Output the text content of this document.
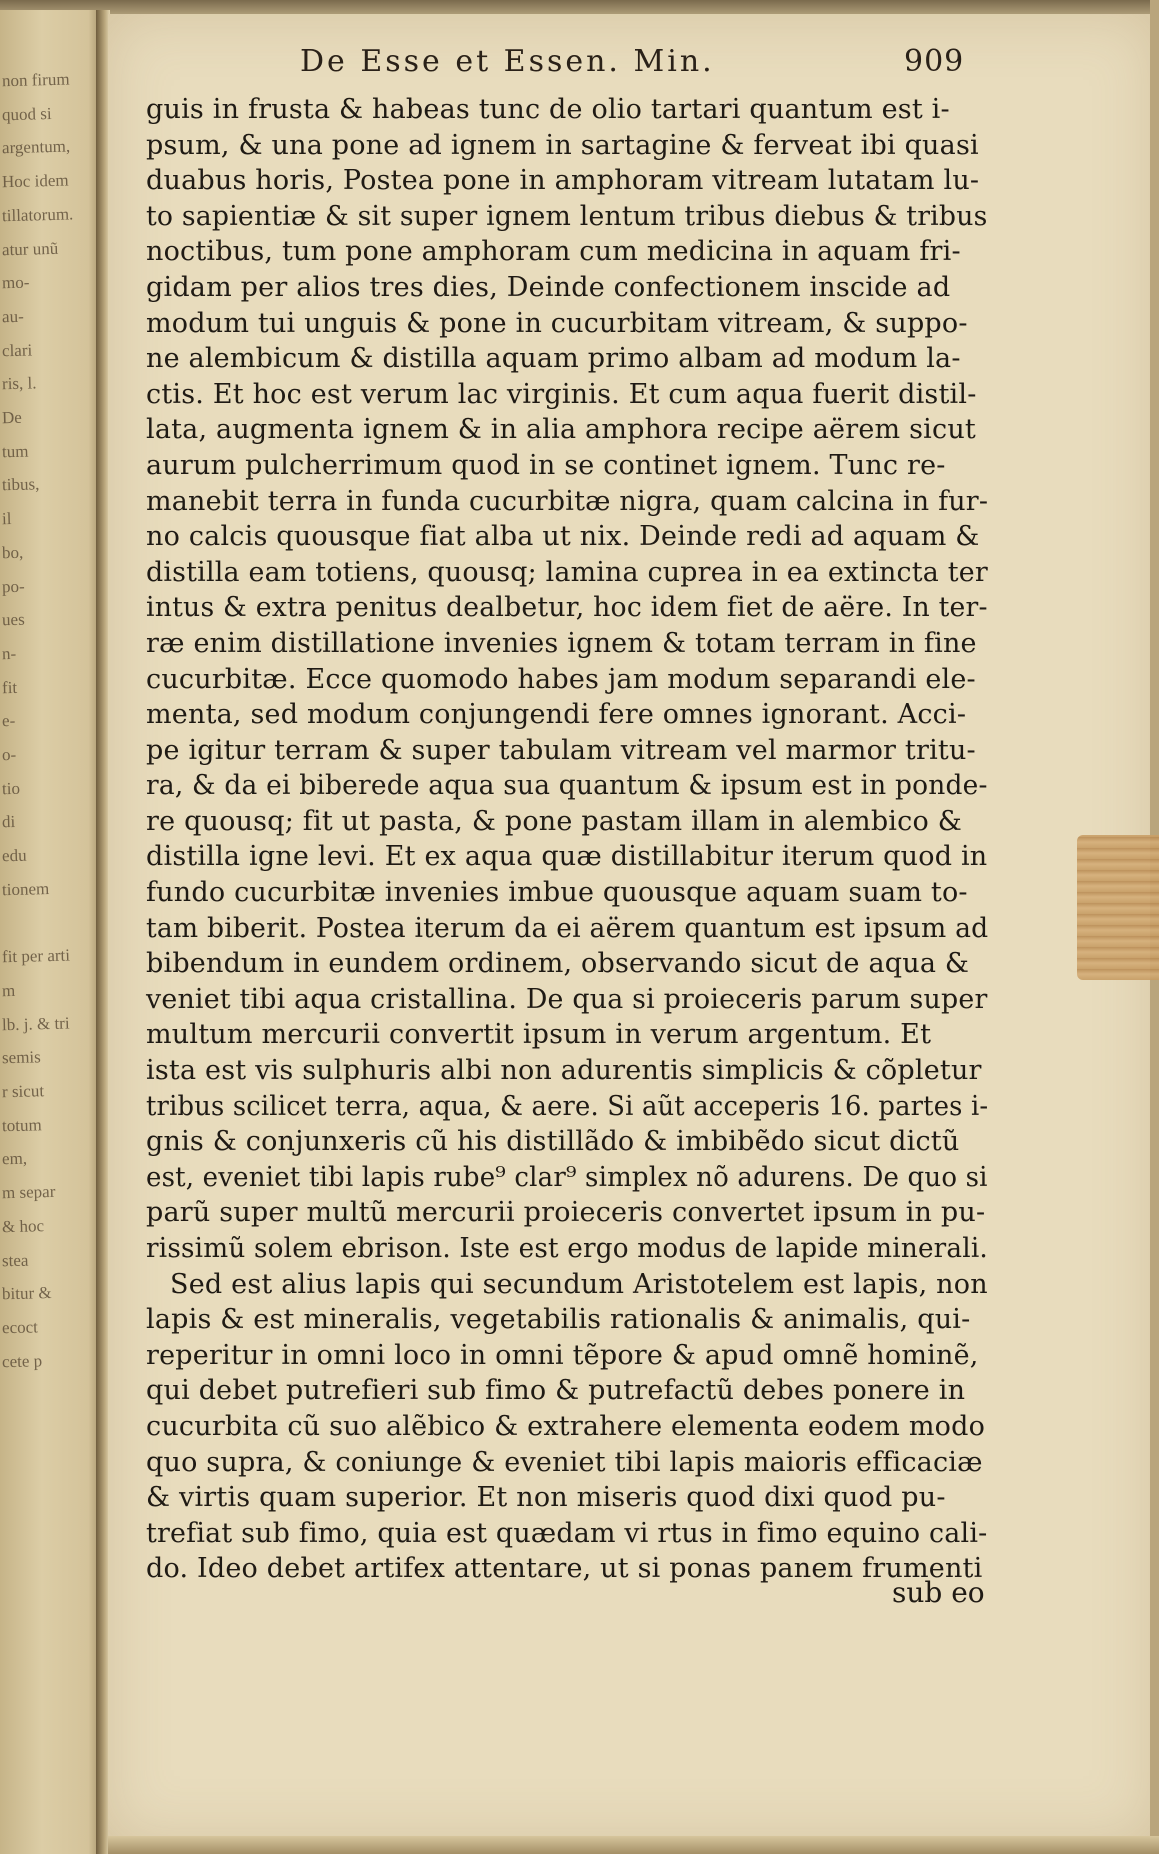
non firum
quod si
argentum,
Hoc idem
tillatorum.
atur unũ
mo-
au-
clari
ris, l.
De
tum
tibus,
il
bo,
po-
ues
n-
fit
e-
o-
tio
di
edu
tionem
fit per arti
m
lb. j. & tri
semis
r sicut
totum
em,
m separ
& hoc
stea
bitur &
ecoct
cete p
De Esse et Essen. Min.	909
guis in frusta & habeas tunc de olio tartari quantum est i-
psum, & una pone ad ignem in sartagine & ferveat ibi quasi
duabus horis, Postea pone in amphoram vitream lutatam lu-
to sapientiæ & sit super ignem lentum tribus diebus & tribus
noctibus, tum pone amphoram cum medicina in aquam fri-
gidam per alios tres dies, Deinde confectionem inscide ad
modum tui unguis & pone in cucurbitam vitream, & suppo-
ne alembicum & distilla aquam primo albam ad modum la-
ctis. Et hoc est verum lac virginis. Et cum aqua fuerit distil-
lata, augmenta ignem & in alia amphora recipe aërem sicut
aurum pulcherrimum quod in se continet ignem. Tunc re-
manebit terra in funda cucurbitæ nigra, quam calcina in fur-
no calcis quousque fiat alba ut nix. Deinde redi ad aquam &
distilla eam totiens, quousq; lamina cuprea in ea extincta ter
intus & extra penitus dealbetur, hoc idem fiet de aëre. In ter-
ræ enim distillatione invenies ignem & totam terram in fine
cucurbitæ. Ecce quomodo habes jam modum separandi ele-
menta, sed modum conjungendi fere omnes ignorant. Acci-
pe igitur terram & super tabulam vitream vel marmor tritu-
ra, & da ei biberede aqua sua quantum & ipsum est in ponde-
re quousq; fit ut pasta, & pone pastam illam in alembico &
distilla igne levi. Et ex aqua quæ distillabitur iterum quod in
fundo cucurbitæ invenies imbue quousque aquam suam to-
tam biberit. Postea iterum da ei aërem quantum est ipsum ad
bibendum in eundem ordinem, observando sicut de aqua &
veniet tibi aqua cristallina. De qua si proieceris parum super
multum mercurii convertit ipsum in verum argentum. Et
ista est vis sulphuris albi non adurentis simplicis & cõpletur
tribus scilicet terra, aqua, & aere. Si aũt acceperis 16. partes i-
gnis & conjunxeris cũ his distillãdo & imbibẽdo sicut dictũ
est, eveniet tibi lapis rube⁹ clar⁹ simplex nõ adurens. De quo si
parũ super multũ mercurii proieceris convertet ipsum in pu-
rissimũ solem ebrison. Iste est ergo modus de lapide minerali.
Sed est alius lapis qui secundum Aristotelem est lapis, non
lapis & est mineralis, vegetabilis rationalis & animalis, qui-
reperitur in omni loco in omni tẽpore & apud omnẽ hominẽ,
qui debet putrefieri sub fimo & putrefactũ debes ponere in
cucurbita cũ suo alẽbico & extrahere elementa eodem modo
quo supra, & coniunge & eveniet tibi lapis maioris efficaciæ
& virtis quam superior. Et non miseris quod dixi quod pu-
trefiat sub fimo, quia est quædam vi rtus in fimo equino cali-
do. Ideo debet artifex attentare, ut si ponas panem frumenti
sub eo
